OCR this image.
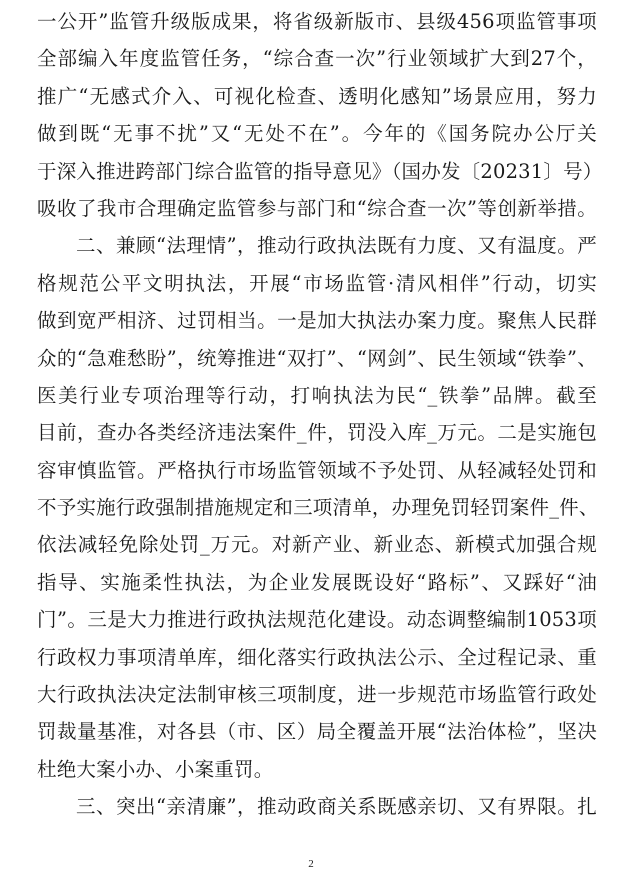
一公开”监管升级版成果，将省级新版市、县级456项监管事项
全部编入年度监管任务，“综合查一次”行业领域扩大到27个，
推广“无感式介入、可视化检查、透明化感知”场景应用，努力
做到既“无事不扰”又“无处不在”。今年的《国务院办公厅关
于深入推进跨部门综合监管的指导意见》（国办发〔20231〕号）
吸收了我市合理确定监管参与部门和“综合查一次”等创新举措。
二、兼顾“法理情”，推动行政执法既有力度、又有温度。严
格规范公平文明执法，开展“市场监管·清风相伴”行动，切实
做到宽严相济、过罚相当。一是加大执法办案力度。聚焦人民群
众的“急难愁盼”，统筹推进“双打”、“网剑”、民生领域“铁拳”、
医美行业专项治理等行动，打响执法为民“_铁拳”品牌。截至
目前，查办各类经济违法案件_件，罚没入库_万元。二是实施包
容审慎监管。严格执行市场监管领域不予处罚、从轻减轻处罚和
不予实施行政强制措施规定和三项清单，办理免罚轻罚案件_件、
依法减轻免除处罚_万元。对新产业、新业态、新模式加强合规
指导、实施柔性执法，为企业发展既设好“路标”、又踩好“油
门”。三是大力推进行政执法规范化建设。动态调整编制1053项
行政权力事项清单库，细化落实行政执法公示、全过程记录、重
大行政执法决定法制审核三项制度，进一步规范市场监管行政处
罚裁量基准，对各县（市、区）局全覆盖开展“法治体检”，坚决
杜绝大案小办、小案重罚。
三、突出“亲清廉”，推动政商关系既感亲切、又有界限。扎
2
